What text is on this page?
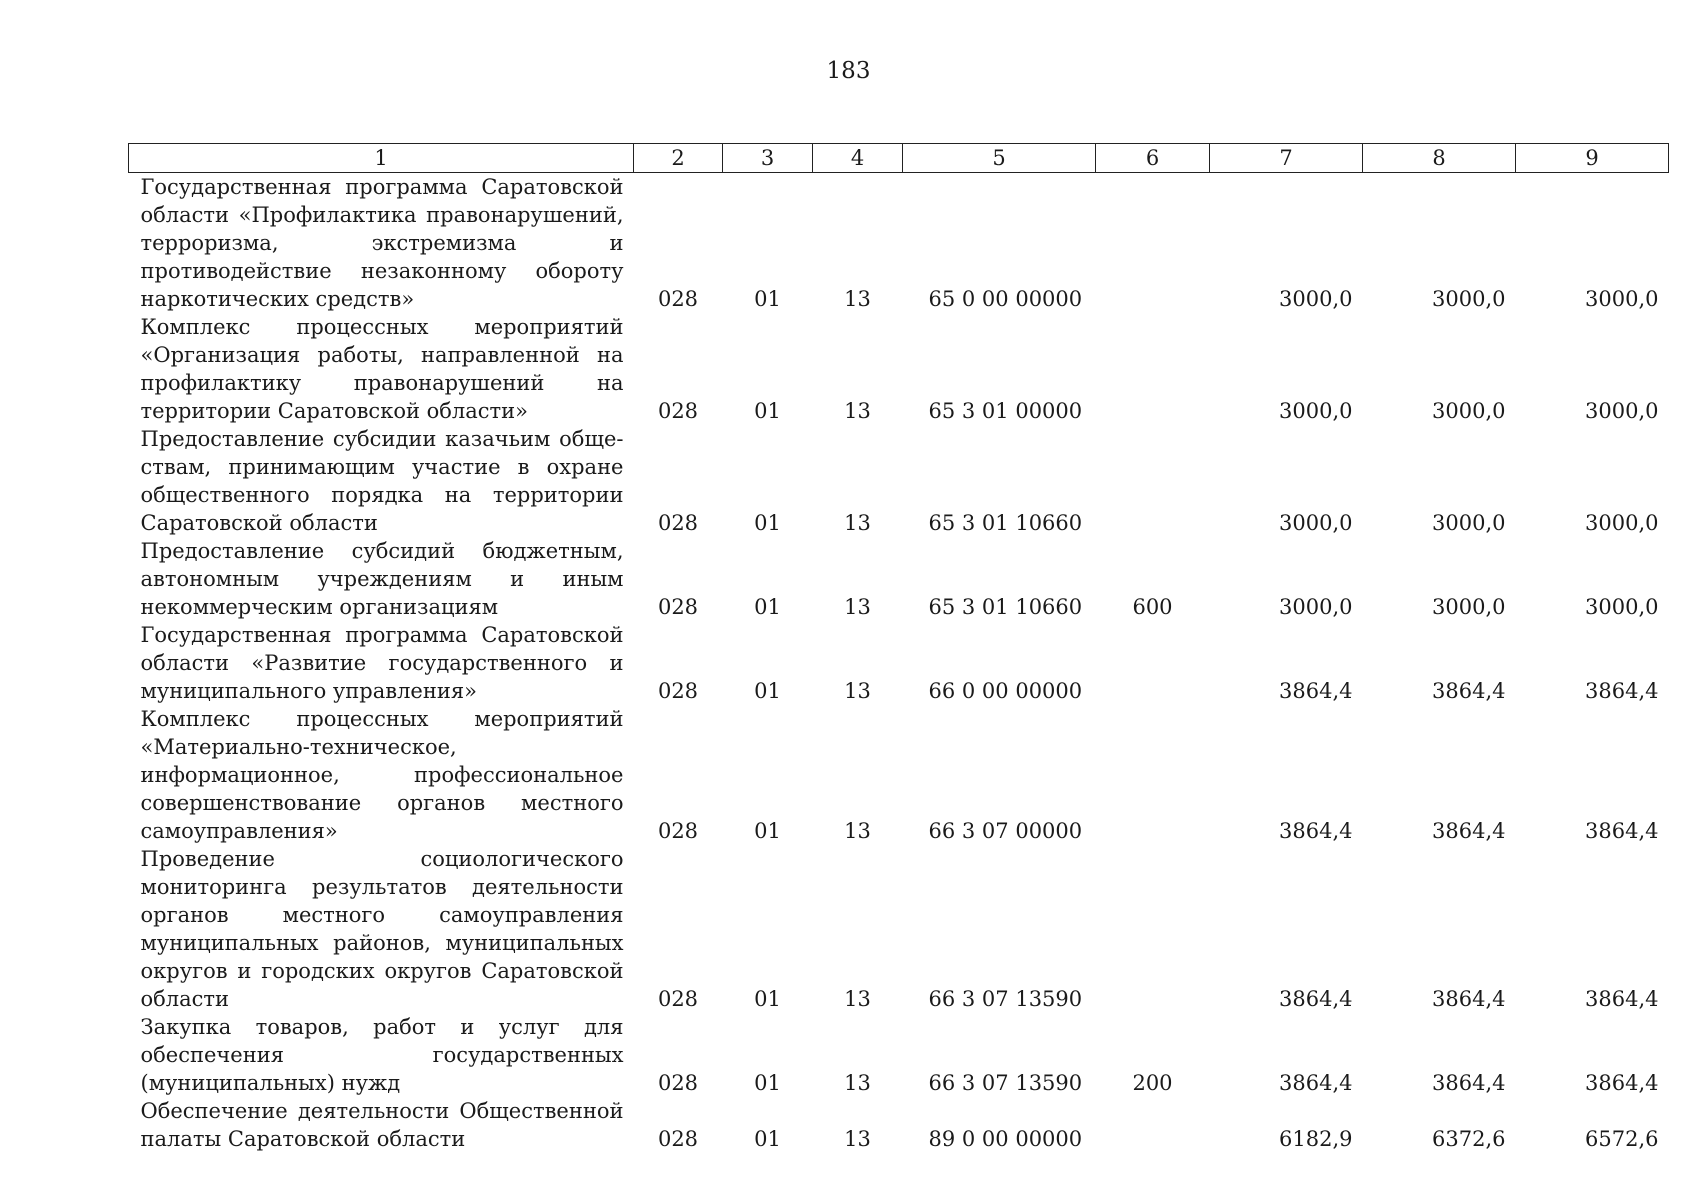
183
1	2	3	4	5	6	7	8	9
Государственная программа Саратовской области «Профилактика правонарушений, терроризма, экстремизма и противодействие незаконному обороту наркотических средств»	028	01	13	65 0 00 00000		3000,0	3000,0	3000,0
Комплекс процессных мероприятий «Организация работы, направленной на профилактику правонарушений на территории Саратовской области»	028	01	13	65 3 01 00000		3000,0	3000,0	3000,0
Предоставление субсидии казачьим обществам, принимающим участие в охране общественного порядка на территории Саратовской области	028	01	13	65 3 01 10660		3000,0	3000,0	3000,0
Предоставление субсидий бюджетным, автономным учреждениям и иным некоммерческим организациям	028	01	13	65 3 01 10660	600	3000,0	3000,0	3000,0
Государственная программа Саратовской области «Развитие государственного и муниципального управления»	028	01	13	66 0 00 00000		3864,4	3864,4	3864,4
Комплекс процессных мероприятий «Материально-техническое, информационное, профессиональное совершенствование органов местного самоуправления»	028	01	13	66 3 07 00000		3864,4	3864,4	3864,4
Проведение социологического мониторинга результатов деятельности органов местного самоуправления муниципальных районов, муниципальных округов и городских округов Саратовской области	028	01	13	66 3 07 13590		3864,4	3864,4	3864,4
Закупка товаров, работ и услуг для обеспечения государственных (муниципальных) нужд	028	01	13	66 3 07 13590	200	3864,4	3864,4	3864,4
Обеспечение деятельности Общественной палаты Саратовской области	028	01	13	89 0 00 00000		6182,9	6372,6	6572,6
